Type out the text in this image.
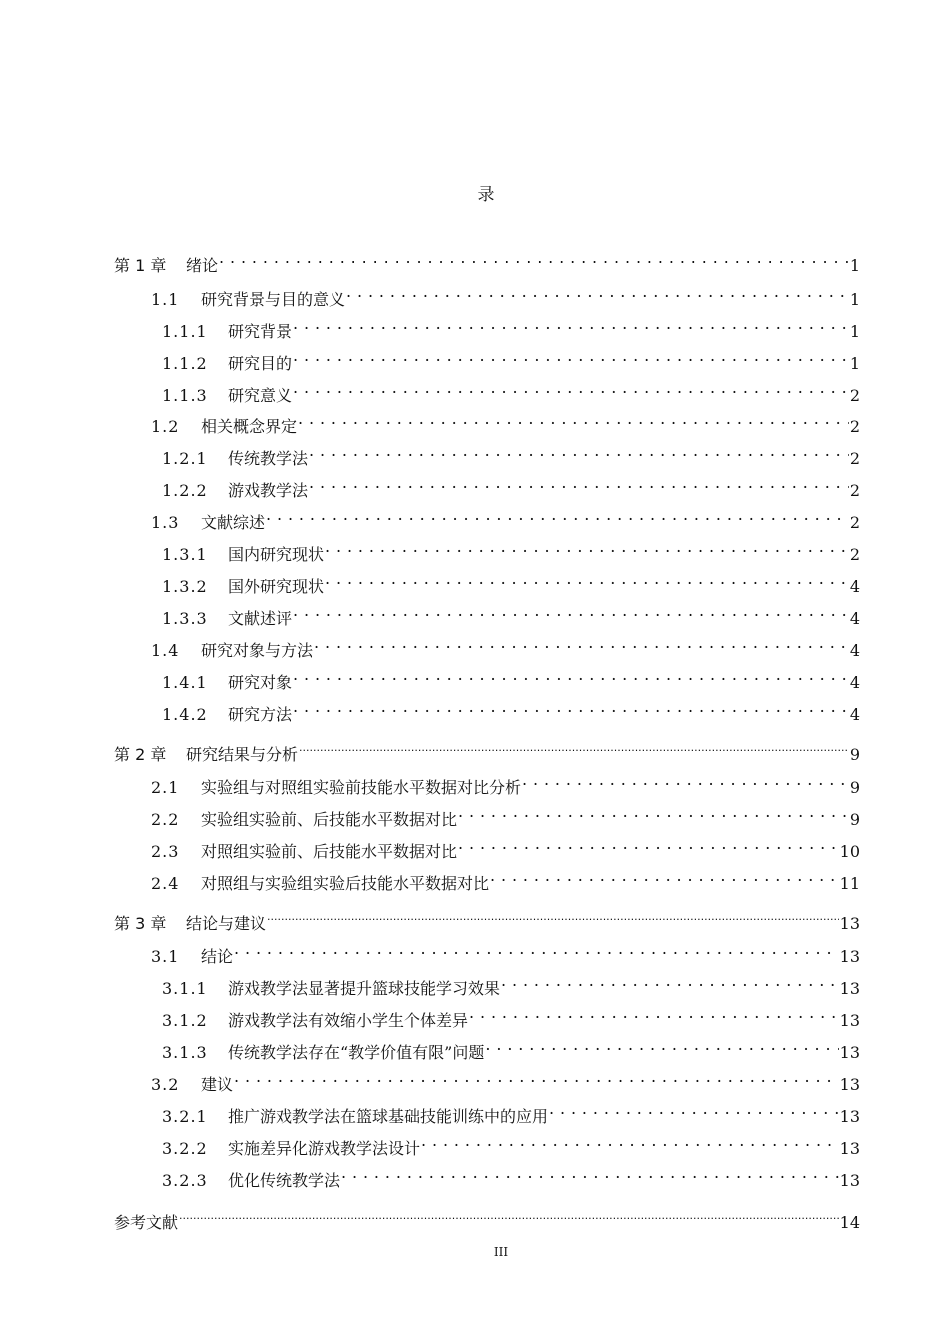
录
第 1 章	绪论 . . .	1
1.1	研究背景与目的意义 . . .	1
1.1.1	研究背景 . . .	1
1.1.2	研究目的 . . .	1
1.1.3	研究意义 . . .	2
1.2	相关概念界定 . . .	2
1.2.1	传统教学法 . . .	2
1.2.2	游戏教学法 . . .	2
1.3	文献综述 . . .	2
1.3.1	国内研究现状 . . .	2
1.3.2	国外研究现状 . . .	4
1.3.3	文献述评 . . .	4
1.4	研究对象与方法 . . .	4
1.4.1	研究对象 . . .	4
1.4.2	研究方法 . . .	4
第 2 章	研究结果与分析 .....	9
2.1	实验组与对照组实验前技能水平数据对比分析 . . .	9
2.2	实验组实验前、后技能水平数据对比 . . .	9
2.3	对照组实验前、后技能水平数据对比 . . .	10
2.4	对照组与实验组实验后技能水平数据对比 . . .	11
第 3 章	结论与建议 .....	13
3.1	结论 . . .	13
3.1.1	游戏教学法显著提升篮球技能学习效果 . . .	13
3.1.2	游戏教学法有效缩小学生个体差异 . . .	13
3.1.3	传统教学法存在“教学价值有限”问题 . . .	13
3.2	建议 . . .	13
3.2.1	推广游戏教学法在篮球基础技能训练中的应用 . . .	13
3.2.2	实施差异化游戏教学法设计 . . .	13
3.2.3	优化传统教学法 . . .	13
参考文献 .....	14
III
